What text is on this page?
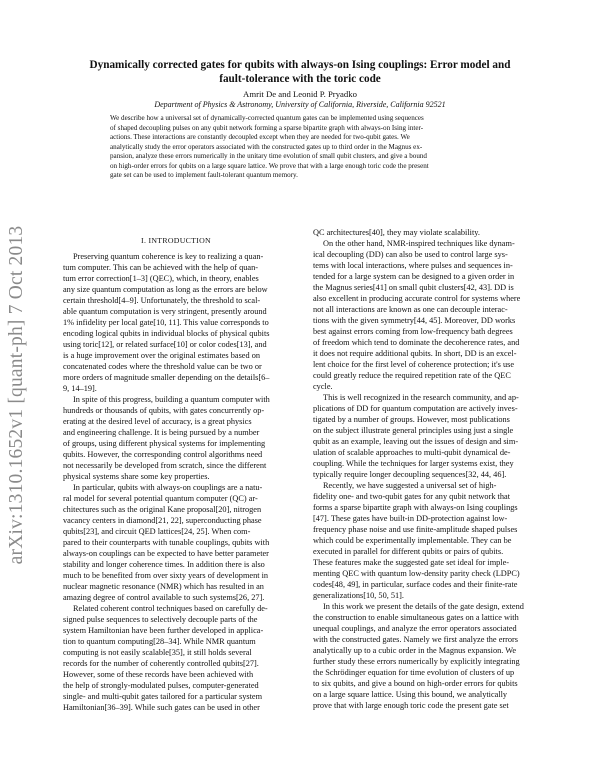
arXiv:1310.1652v1 [quant-ph] 7 Oct 2013
Dynamically corrected gates for qubits with always-on Ising couplings: Error model and
fault-tolerance with the toric code
Amrit De and Leonid P. Pryadko
Department of Physics & Astronomy, University of California, Riverside, California 92521
We describe how a universal set of dynamically-corrected quantum gates can be implemented using sequences
of shaped decoupling pulses on any qubit network forming a sparse bipartite graph with always-on Ising inter-
actions. These interactions are constantly decoupled except when they are needed for two-qubit gates. We
analytically study the error operators associated with the constructed gates up to third order in the Magnus ex-
pansion, analyze these errors numerically in the unitary time evolution of small qubit clusters, and give a bound
on high-order errors for qubits on a large square lattice. We prove that with a large enough toric code the present
gate set can be used to implement fault-tolerant quantum memory.
I. INTRODUCTION
Preserving quantum coherence is key to realizing a quan-
tum computer. This can be achieved with the help of quan-
tum error correction[1–3] (QEC), which, in theory, enables
any size quantum computation as long as the errors are below
certain threshold[4–9]. Unfortunately, the threshold to scal-
able quantum computation is very stringent, presently around
1% infidelity per local gate[10, 11]. This value corresponds to
encoding logical qubits in individual blocks of physical qubits
using toric[12], or related surface[10] or color codes[13], and
is a huge improvement over the original estimates based on
concatenated codes where the threshold value can be two or
more orders of magnitude smaller depending on the details[6–
9, 14–19].
In spite of this progress, building a quantum computer with
hundreds or thousands of qubits, with gates concurrently op-
erating at the desired level of accuracy, is a great physics
and engineering challenge. It is being pursued by a number
of groups, using different physical systems for implementing
qubits. However, the corresponding control algorithms need
not necessarily be developed from scratch, since the different
physical systems share some key properties.
In particular, qubits with always-on couplings are a natu-
ral model for several potential quantum computer (QC) ar-
chitectures such as the original Kane proposal[20], nitrogen
vacancy centers in diamond[21, 22], superconducting phase
qubits[23], and circuit QED lattices[24, 25]. When com-
pared to their counterparts with tunable couplings, qubits with
always-on couplings can be expected to have better parameter
stability and longer coherence times. In addition there is also
much to be benefited from over sixty years of development in
nuclear magnetic resonance (NMR) which has resulted in an
amazing degree of control available to such systems[26, 27].
Related coherent control techniques based on carefully de-
signed pulse sequences to selectively decouple parts of the
system Hamiltonian have been further developed in applica-
tion to quantum computing[28–34]. While NMR quantum
computing is not easily scalable[35], it still holds several
records for the number of coherently controlled qubits[27].
However, some of these records have been achieved with
the help of strongly-modulated pulses, computer-generated
single- and multi-qubit gates tailored for a particular system
Hamiltonian[36–39]. While such gates can be used in other
QC architectures[40], they may violate scalability.
On the other hand, NMR-inspired techniques like dynam-
ical decoupling (DD) can also be used to control large sys-
tems with local interactions, where pulses and sequences in-
tended for a large system can be designed to a given order in
the Magnus series[41] on small qubit clusters[42, 43]. DD is
also excellent in producing accurate control for systems where
not all interactions are known as one can decouple interac-
tions with the given symmetry[44, 45]. Moreover, DD works
best against errors coming from low-frequency bath degrees
of freedom which tend to dominate the decoherence rates, and
it does not require additional qubits. In short, DD is an excel-
lent choice for the first level of coherence protection; it's use
could greatly reduce the required repetition rate of the QEC
cycle.
This is well recognized in the research community, and ap-
plications of DD for quantum computation are actively inves-
tigated by a number of groups. However, most publications
on the subject illustrate general principles using just a single
qubit as an example, leaving out the issues of design and sim-
ulation of scalable approaches to multi-qubit dynamical de-
coupling. While the techniques for larger systems exist, they
typically require longer decoupling sequences[32, 44, 46].
Recently, we have suggested a universal set of high-
fidelity one- and two-qubit gates for any qubit network that
forms a sparse bipartite graph with always-on Ising couplings
[47]. These gates have built-in DD-protection against low-
frequency phase noise and use finite-amplitude shaped pulses
which could be experimentally implementable. They can be
executed in parallel for different qubits or pairs of qubits.
These features make the suggested gate set ideal for imple-
menting QEC with quantum low-density parity check (LDPC)
codes[48, 49], in particular, surface codes and their finite-rate
generalizations[10, 50, 51].
In this work we present the details of the gate design, extend
the construction to enable simultaneous gates on a lattice with
unequal couplings, and analyze the error operators associated
with the constructed gates. Namely we first analyze the errors
analytically up to a cubic order in the Magnus expansion. We
further study these errors numerically by explicitly integrating
the Schrödinger equation for time evolution of clusters of up
to six qubits, and give a bound on high-order errors for qubits
on a large square lattice. Using this bound, we analytically
prove that with large enough toric code the present gate set
